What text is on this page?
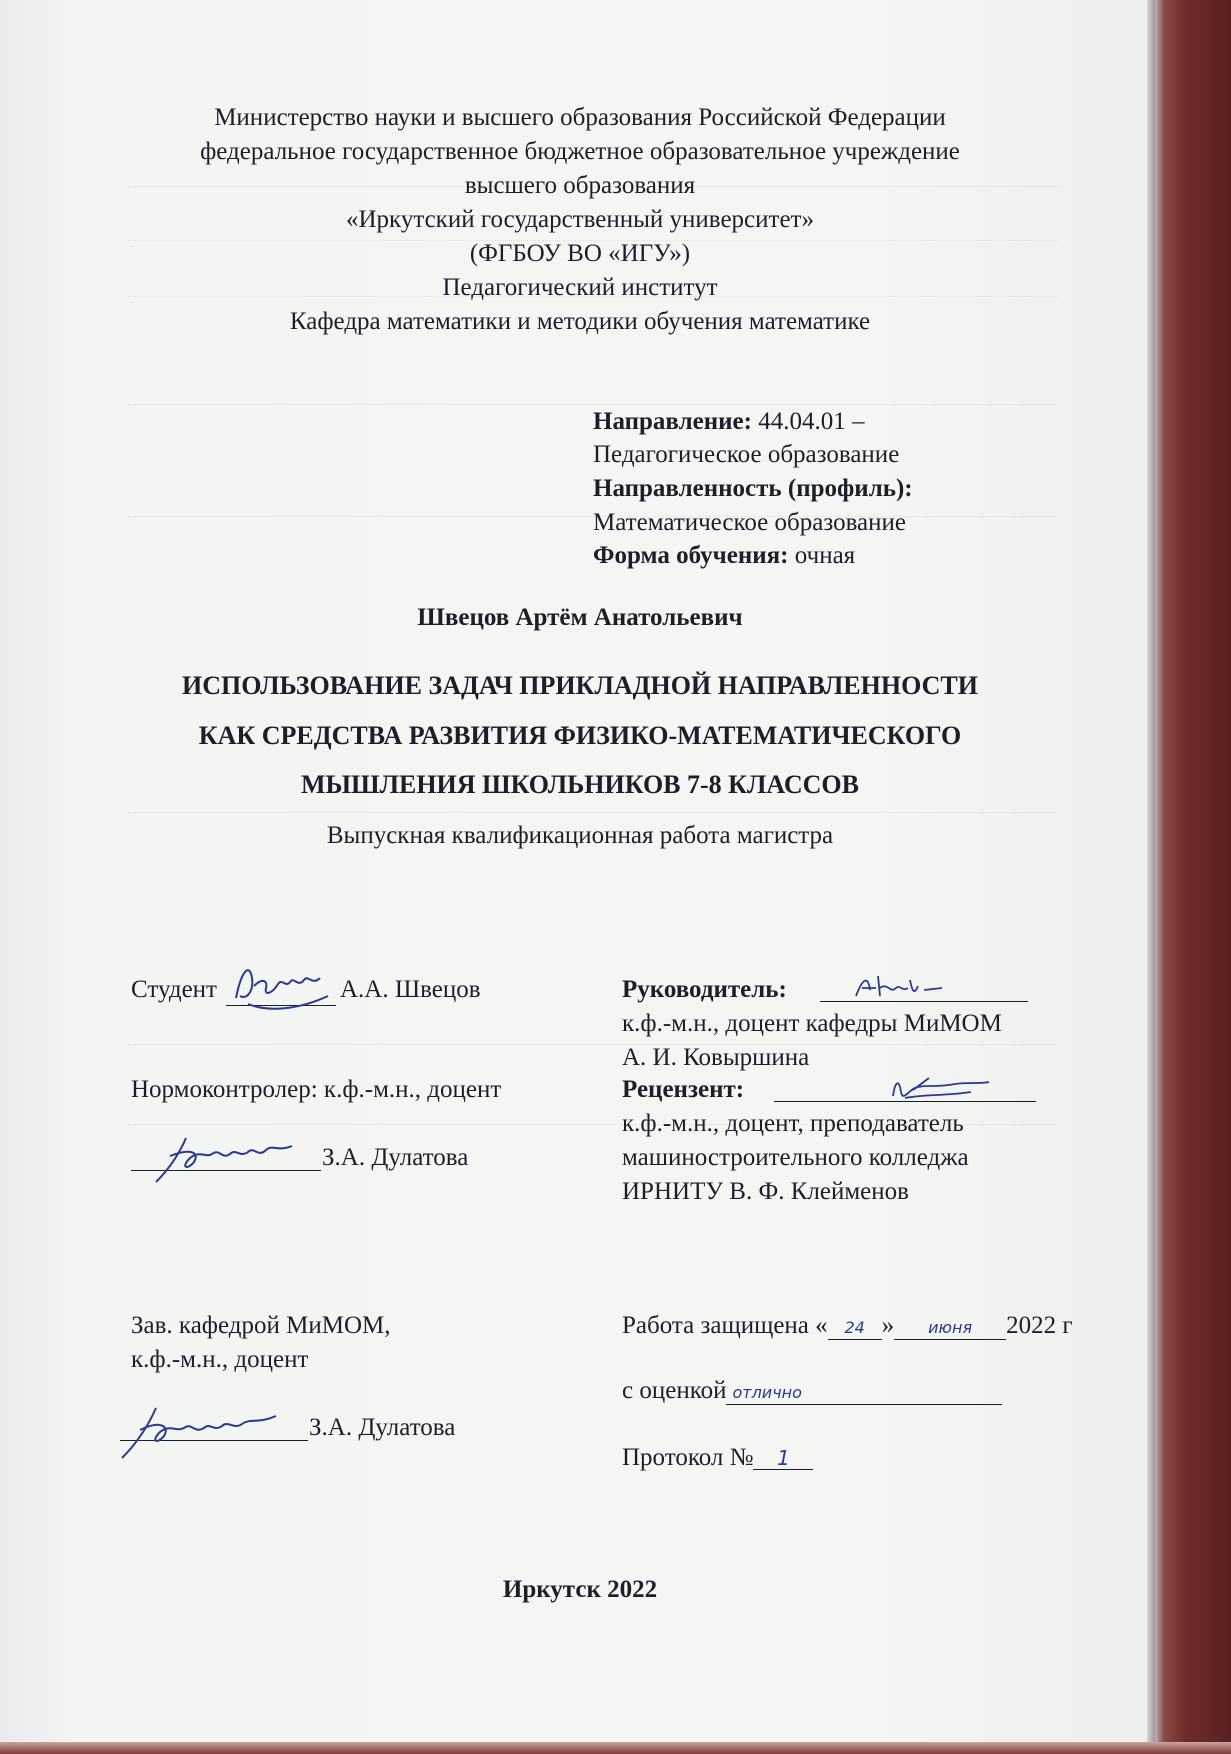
Министерство науки и высшего образования Российской Федерации
федеральное государственное бюджетное образовательное учреждение
высшего образования
«Иркутский государственный университет»
(ФГБОУ ВО «ИГУ»)
Педагогический институт
Кафедра математики и методики обучения математике
Направление: 44.04.01 –
Педагогическое образование
Направленность (профиль):
Математическое образование
Форма обучения: очная
Швецов Артём Анатольевич
ИСПОЛЬЗОВАНИЕ ЗАДАЧ ПРИКЛАДНОЙ НАПРАВЛЕННОСТИ
КАК СРЕДСТВА РАЗВИТИЯ ФИЗИКО-МАТЕМАТИЧЕСКОГО
МЫШЛЕНИЯ ШКОЛЬНИКОВ 7-8 КЛАССОВ
Выпускная квалификационная работа магистра
Студент	А.А. Швецов
Нормоконтролер: к.ф.-м.н., доцент
З.А. Дулатова
Зав. кафедрой МиМОМ,
к.ф.-м.н., доцент
З.А. Дулатова
Руководитель:
к.ф.-м.н., доцент кафедры МиМОМ
А. И. Ковыршина
Рецензент:
к.ф.-м.н., доцент, преподаватель
машиностроительного колледжа
ИРНИТУ В. Ф. Клейменов
Работа защищена « 24 » июня 2022 г
с оценкой отлично
Протокол № 1
Иркутск 2022
